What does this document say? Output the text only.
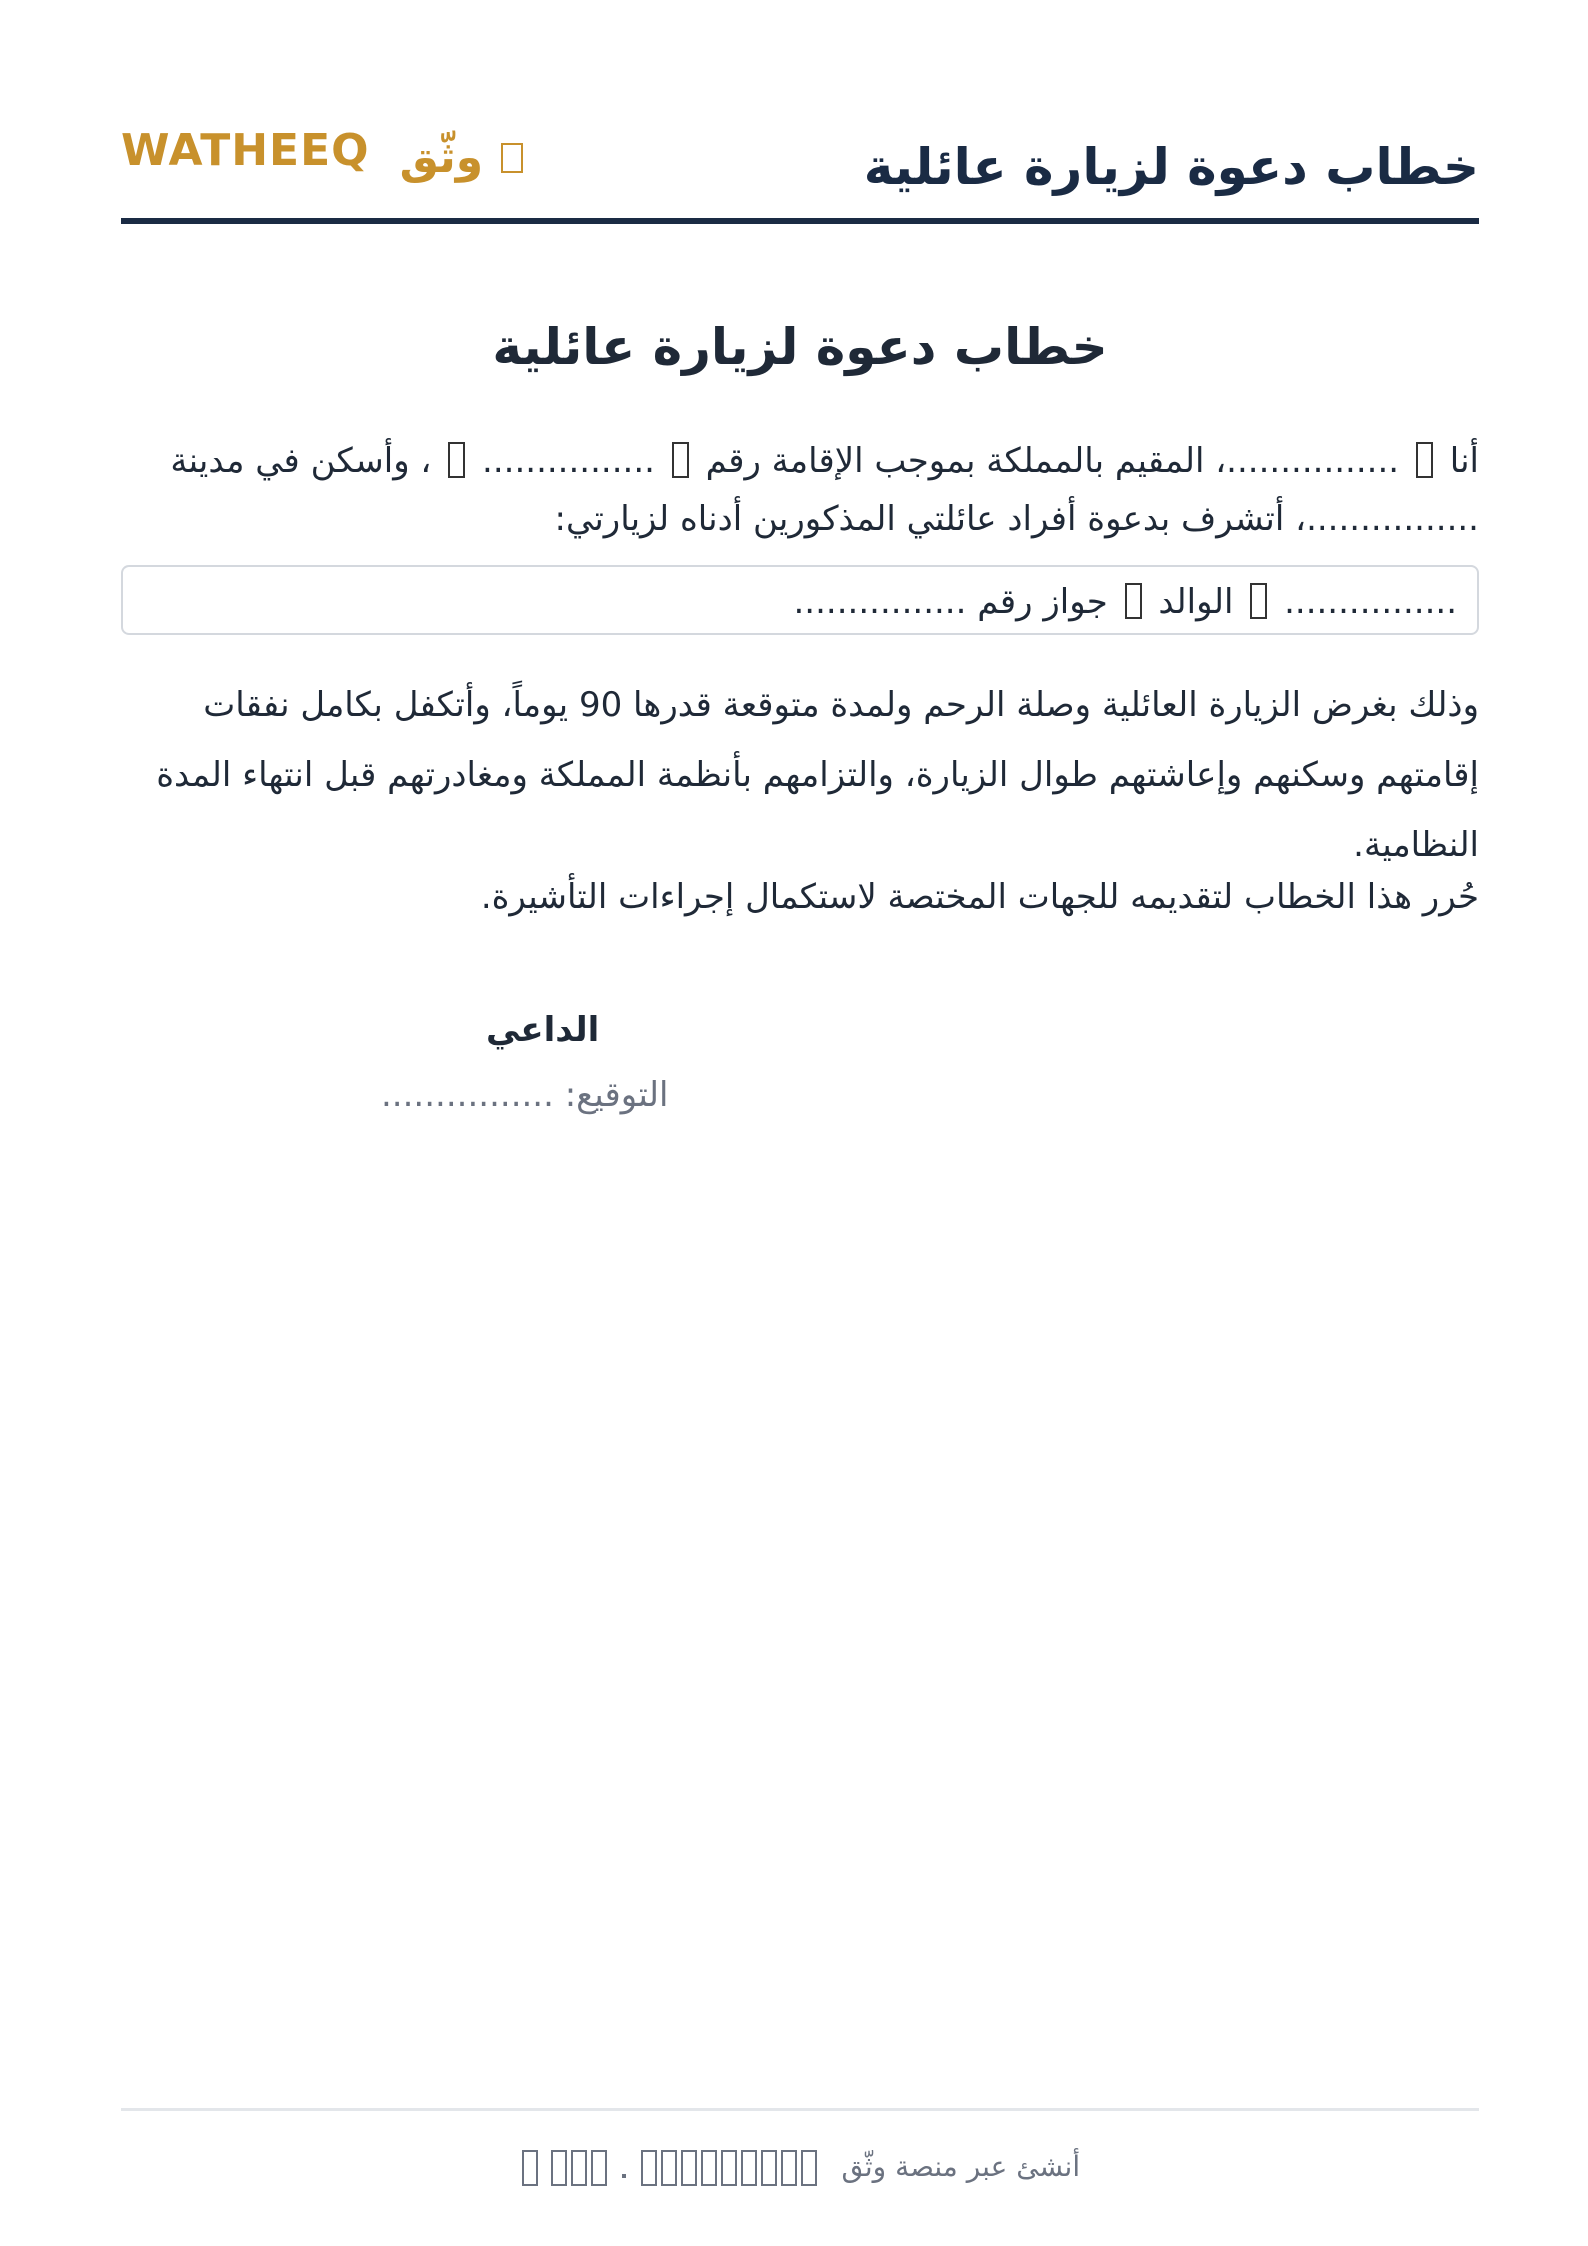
خطاب دعوة لزيارة عائلية
WATHEEQ وثّق
خطاب دعوة لزيارة عائلية
أنا  ................، المقيم بالمملكة بموجب الإقامة رقم  ................  ، وأسكن في مدينة ................، أتشرف بدعوة أفراد عائلتي المذكورين أدناه لزيارتي:
................  الوالد  جواز رقم ................
وذلك بغرض الزيارة العائلية وصلة الرحم ولمدة متوقعة قدرها 90 يوماً، وأتكفل بكامل نفقات إقامتهم وسكنهم وإعاشتهم طوال الزيارة، والتزامهم بأنظمة المملكة ومغادرتهم قبل انتهاء المدة النظامية.
حُرر هذا الخطاب لتقديمه للجهات المختصة لاستكمال إجراءات التأشيرة.
الداعي
التوقيع: ................
أنشئ عبر منصة وثّق
